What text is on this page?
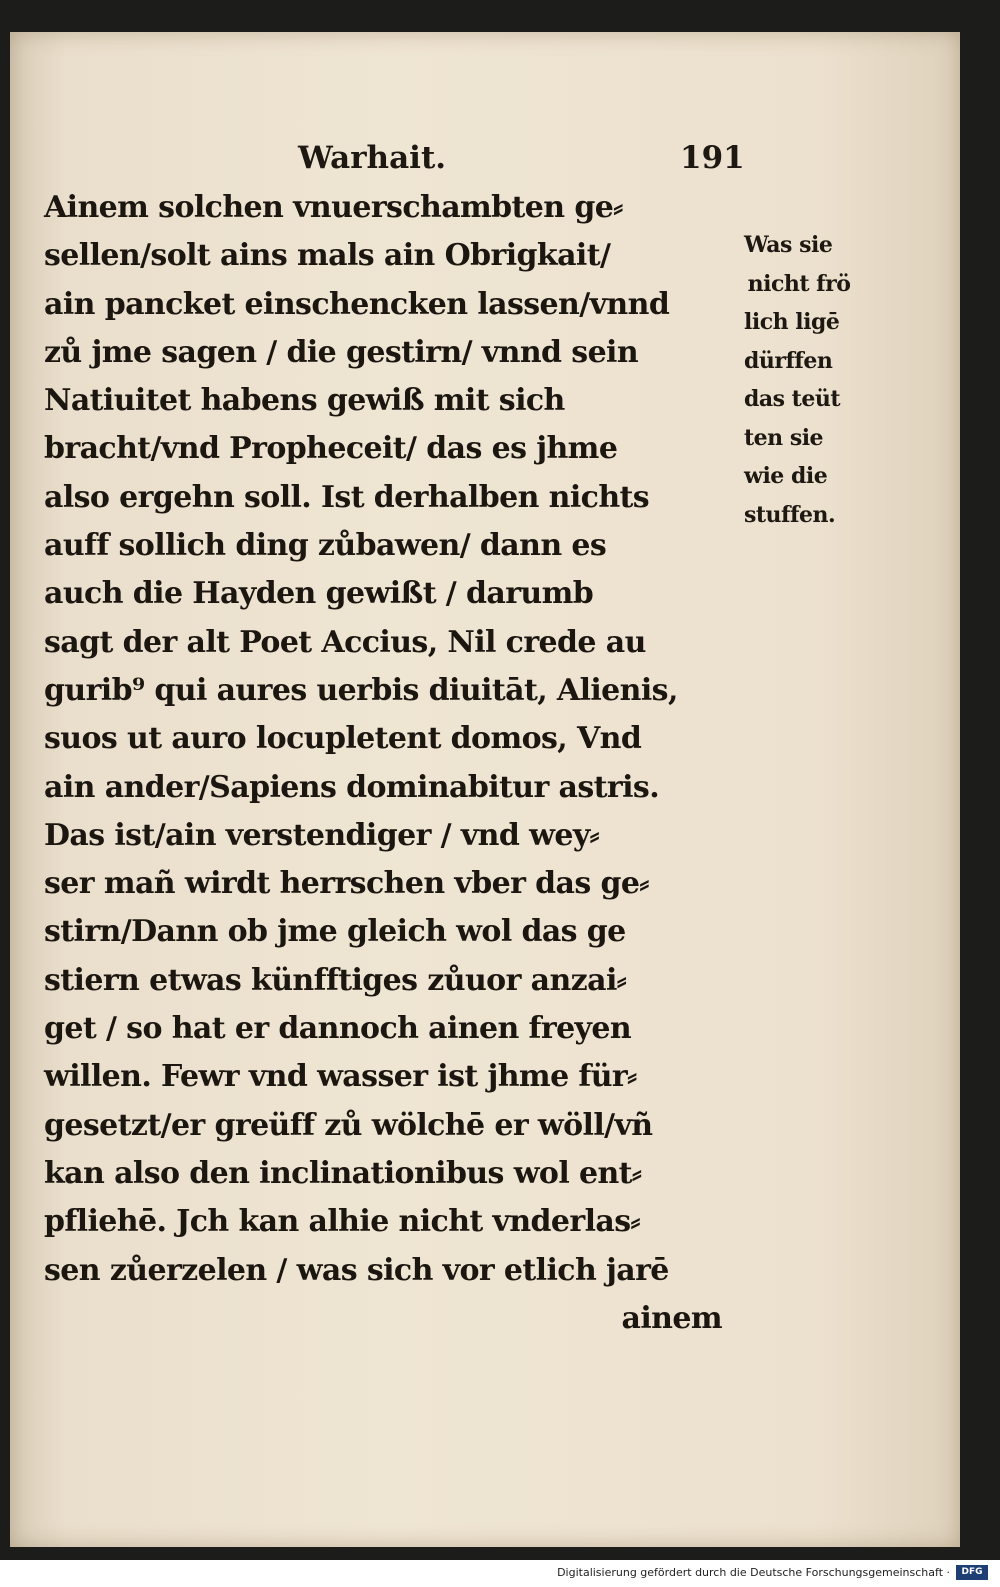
Warhait.	191
Ainem solchen vnuerschambten ge⸗
sellen/solt ains mals ain Obrigkait/
ain pancket einschencken lassen/vnnd
zů jme sagen / die gestirn/ vnnd sein
Natiuitet habens gewiß mit sich
bracht/vnd Propheceit/ das es jhme
also ergehn soll. Ist derhalben nichts
auff sollich ding zůbawen/ dann es
auch die Hayden gewißt / darumb
sagt der alt Poet Accius, Nil crede au
gurib⁹ qui aures uerbis diuitāt, Alienis,
suos ut auro locupletent domos, Vnd
ain ander/Sapiens dominabitur astris.
Das ist/ain verstendiger / vnd wey⸗
ser mañ wirdt herrschen vber das ge⸗
stirn/Dann ob jme gleich wol das ge
stiern etwas künfftiges zůuor anzai⸗
get / so hat er dannoch ainen freyen
willen. Fewr vnd wasser ist jhme für⸗
gesetzt/er greüff zů wölchē er wöll/vñ
kan also den inclinationibus wol ent⸗
pfliehē. Jch kan alhie nicht vnderlas⸗
sen zůerzelen / was sich vor etlich jarē
ainem
Was sie
nicht frö
lich ligē
dürffen
das teüt
ten sie
wie die
stuffen.
Digitalisierung gefördert durch die Deutsche Forschungsgemeinschaft ·	DFG
